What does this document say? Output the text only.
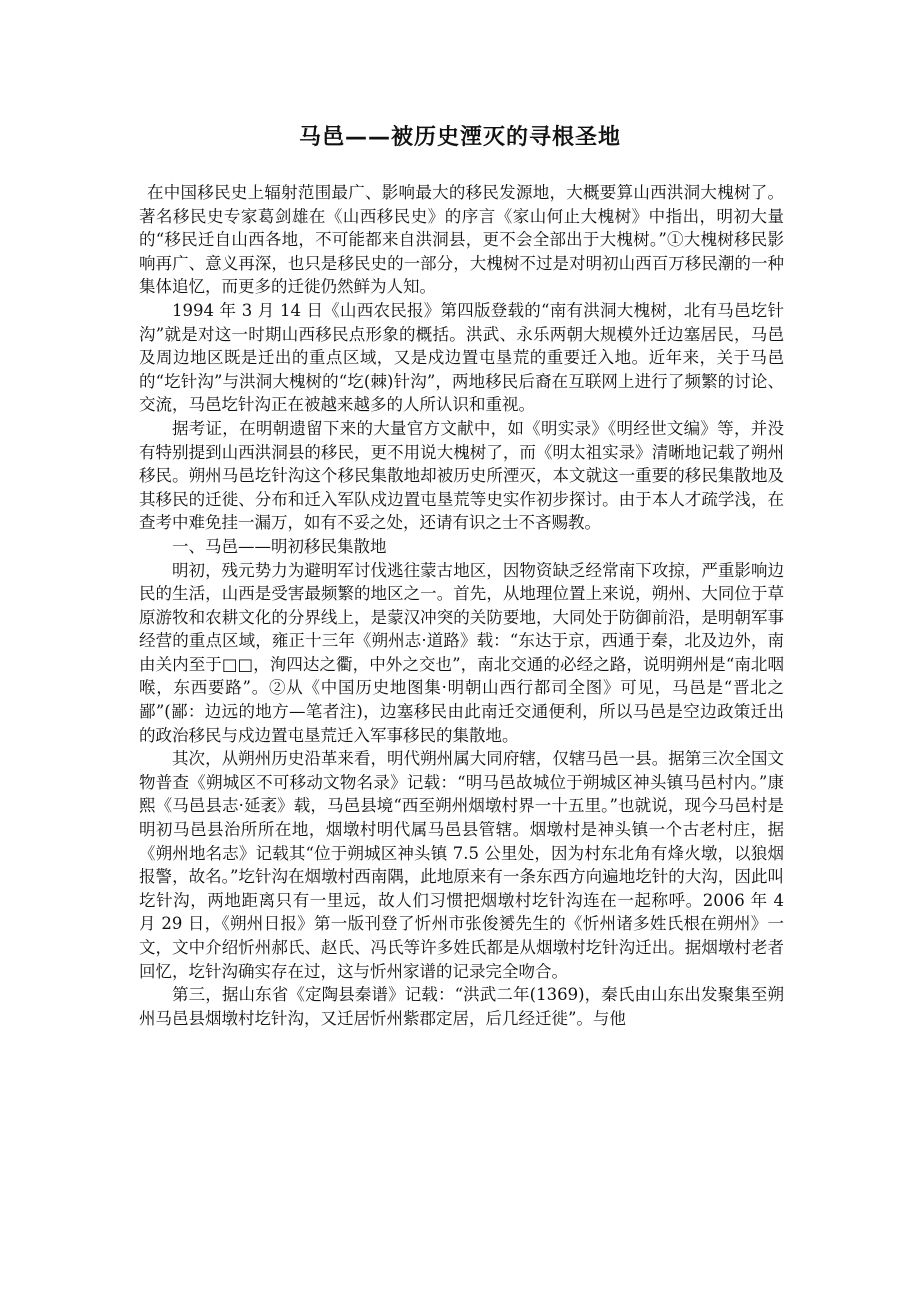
马邑——被历史湮灭的寻根圣地

在中国移民史上辐射范围最广、影响最大的移民发源地，大概要算山西洪洞大槐树了。著名移民史专家葛剑雄在《山西移民史》的序言《家山何止大槐树》中指出，明初大量的“移民迁自山西各地，不可能都来自洪洞县，更不会全部出于大槐树。”①大槐树移民影响再广、意义再深，也只是移民史的一部分，大槐树不过是对明初山西百万移民潮的一种集体追忆，而更多的迁徙仍然鲜为人知。

1994 年 3 月 14 日《山西农民报》第四版登载的“南有洪洞大槐树，北有马邑圪针沟”就是对这一时期山西移民点形象的概括。洪武、永乐两朝大规模外迁边塞居民，马邑及周边地区既是迁出的重点区域，又是戍边置屯垦荒的重要迁入地。近年来，关于马邑的“圪针沟”与洪洞大槐树的“圪(棘)针沟”，两地移民后裔在互联网上进行了频繁的讨论、交流，马邑圪针沟正在被越来越多的人所认识和重视。

据考证，在明朝遗留下来的大量官方文献中，如《明实录》《明经世文编》等，并没有特别提到山西洪洞县的移民，更不用说大槐树了，而《明太祖实录》清晰地记载了朔州移民。朔州马邑圪针沟这个移民集散地却被历史所湮灭，本文就这一重要的移民集散地及其移民的迁徙、分布和迁入军队戍边置屯垦荒等史实作初步探讨。由于本人才疏学浅，在查考中难免挂一漏万，如有不妥之处，还请有识之士不吝赐教。

一、马邑——明初移民集散地

明初，残元势力为避明军讨伐逃往蒙古地区，因物资缺乏经常南下攻掠，严重影响边民的生活，山西是受害最频繁的地区之一。首先，从地理位置上来说，朔州、大同位于草原游牧和农耕文化的分界线上，是蒙汉冲突的关防要地，大同处于防御前沿，是明朝军事经营的重点区域，雍正十三年《朔州志·道路》载：“东达于京，西通于秦，北及边外，南由关内至于□□，洵四达之衢，中外之交也”，南北交通的必经之路，说明朔州是“南北咽喉，东西要路”。②从《中国历史地图集·明朝山西行都司全图》可见，马邑是“晋北之鄙”(鄙：边远的地方—笔者注)，边塞移民由此南迁交通便利，所以马邑是空边政策迁出的政治移民与戍边置屯垦荒迁入军事移民的集散地。

其次，从朔州历史沿革来看，明代朔州属大同府辖，仅辖马邑一县。据第三次全国文物普查《朔城区不可移动文物名录》记载：“明马邑故城位于朔城区神头镇马邑村内。”康熙《马邑县志·延袤》载，马邑县境“西至朔州烟墩村界一十五里。”也就说，现今马邑村是明初马邑县治所所在地，烟墩村明代属马邑县管辖。烟墩村是神头镇一个古老村庄，据《朔州地名志》记载其“位于朔城区神头镇 7.5 公里处，因为村东北角有烽火墩，以狼烟报警，故名。”圪针沟在烟墩村西南隅，此地原来有一条东西方向遍地圪针的大沟，因此叫圪针沟，两地距离只有一里远，故人们习惯把烟墩村圪针沟连在一起称呼。2006 年 4 月 29 日，《朔州日报》第一版刊登了忻州市张俊赟先生的《忻州诸多姓氏根在朔州》一文，文中介绍忻州郝氏、赵氏、冯氏等许多姓氏都是从烟墩村圪针沟迁出。据烟墩村老者回忆，圪针沟确实存在过，这与忻州家谱的记录完全吻合。

第三，据山东省《定陶县秦谱》记载：“洪武二年(1369)，秦氏由山东出发聚集至朔州马邑县烟墩村圪针沟，又迁居忻州紫郡定居，后几经迁徙”。与他
